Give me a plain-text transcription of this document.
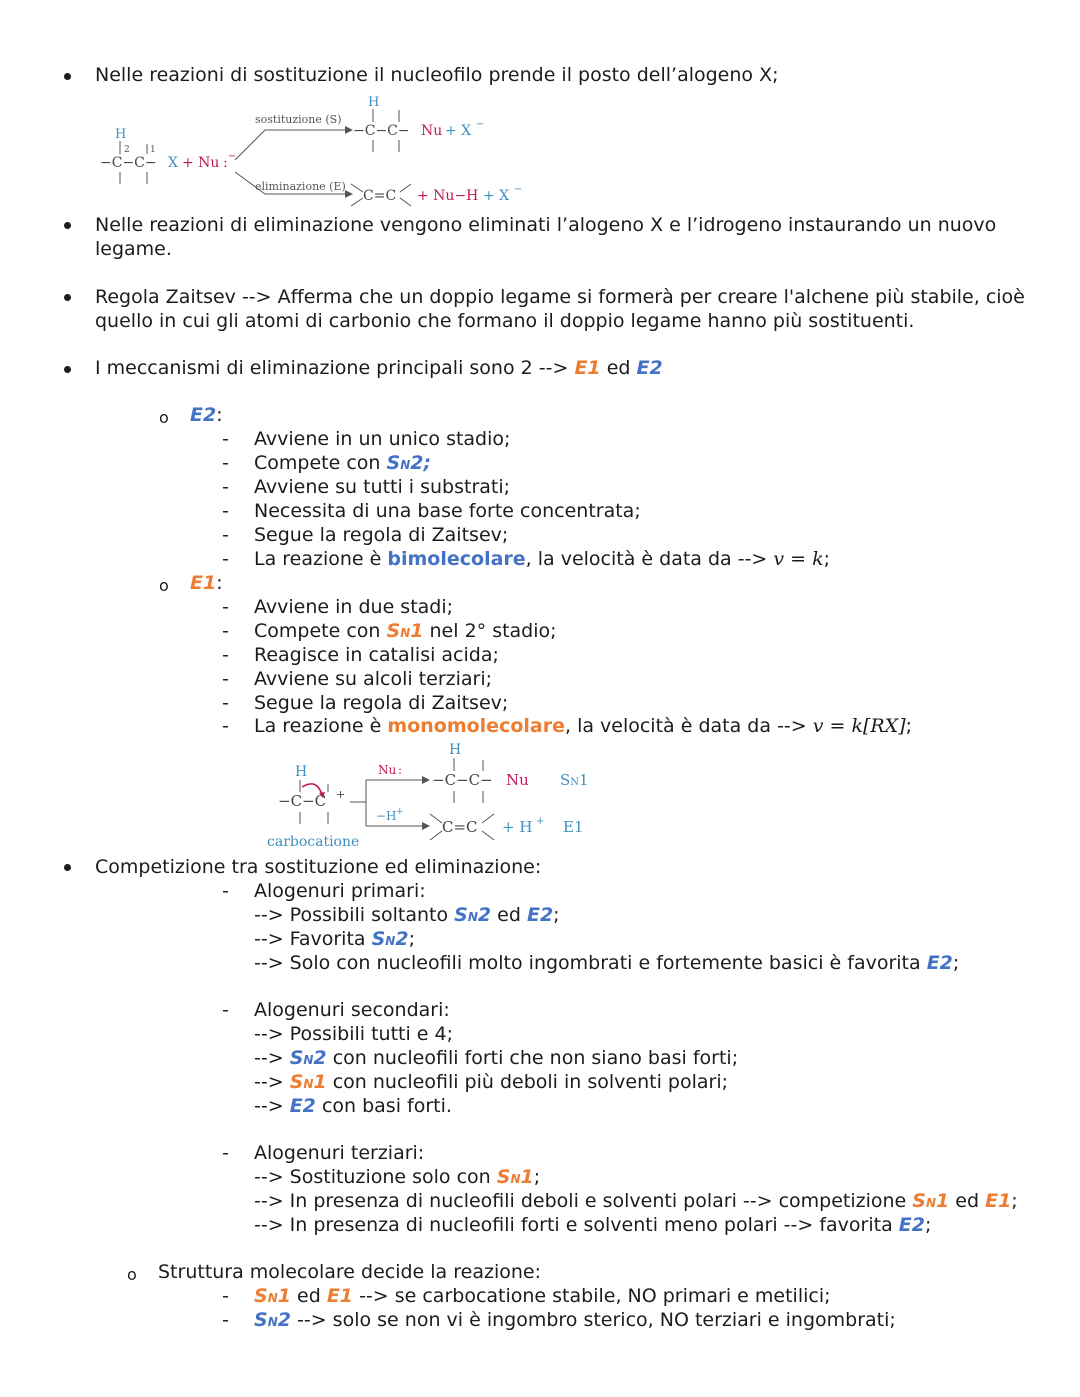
Nelle reazioni di sostituzione il nucleofilo prende il posto dell’alogeno X;
H
2 1
−C−C− X + Nu : −
sostituzione (S)
eliminazione (E)
H
−C−C− Nu + X −
C=C + Nu−H + X −
Nelle reazioni di eliminazione vengono eliminati l’alogeno X e l’idrogeno instaurando un nuovo
legame.
Regola Zaitsev --> Afferma che un doppio legame si formerà per creare l'alchene più stabile, cioè
quello in cui gli atomi di carbonio che formano il doppio legame hanno più sostituenti.
I meccanismi di eliminazione principali sono 2 --> E1 ed E2
o E2:
- Avviene in un unico stadio;
- Compete con SN2;
- Avviene su tutti i substrati;
- Necessita di una base forte concentrata;
- Segue la regola di Zaitsev;
- La reazione è bimolecolare, la velocità è data da --> v = k;
o E1:
- Avviene in due stadi;
- Compete con SN1 nel 2° stadio;
- Reagisce in catalisi acida;
- Avviene su alcoli terziari;
- Segue la regola di Zaitsev;
- La reazione è monomolecolare, la velocità è data da --> v = k[RX];
H
−C−C +
carbocatione
Nu :
−H +
H
−C−C− Nu SN1
C=C + H + E1
Competizione tra sostituzione ed eliminazione:
- Alogenuri primari:
--> Possibili soltanto SN2 ed E2;
--> Favorita SN2;
--> Solo con nucleofili molto ingombrati e fortemente basici è favorita E2;
- Alogenuri secondari:
--> Possibili tutti e 4;
--> SN2 con nucleofili forti che non siano basi forti;
--> SN1 con nucleofili più deboli in solventi polari;
--> E2 con basi forti.
- Alogenuri terziari:
--> Sostituzione solo con SN1;
--> In presenza di nucleofili deboli e solventi polari --> competizione SN1 ed E1;
--> In presenza di nucleofili forti e solventi meno polari --> favorita E2;
o Struttura molecolare decide la reazione:
- SN1 ed E1 --> se carbocatione stabile, NO primari e metilici;
- SN2 --> solo se non vi è ingombro sterico, NO terziari e ingombrati;
